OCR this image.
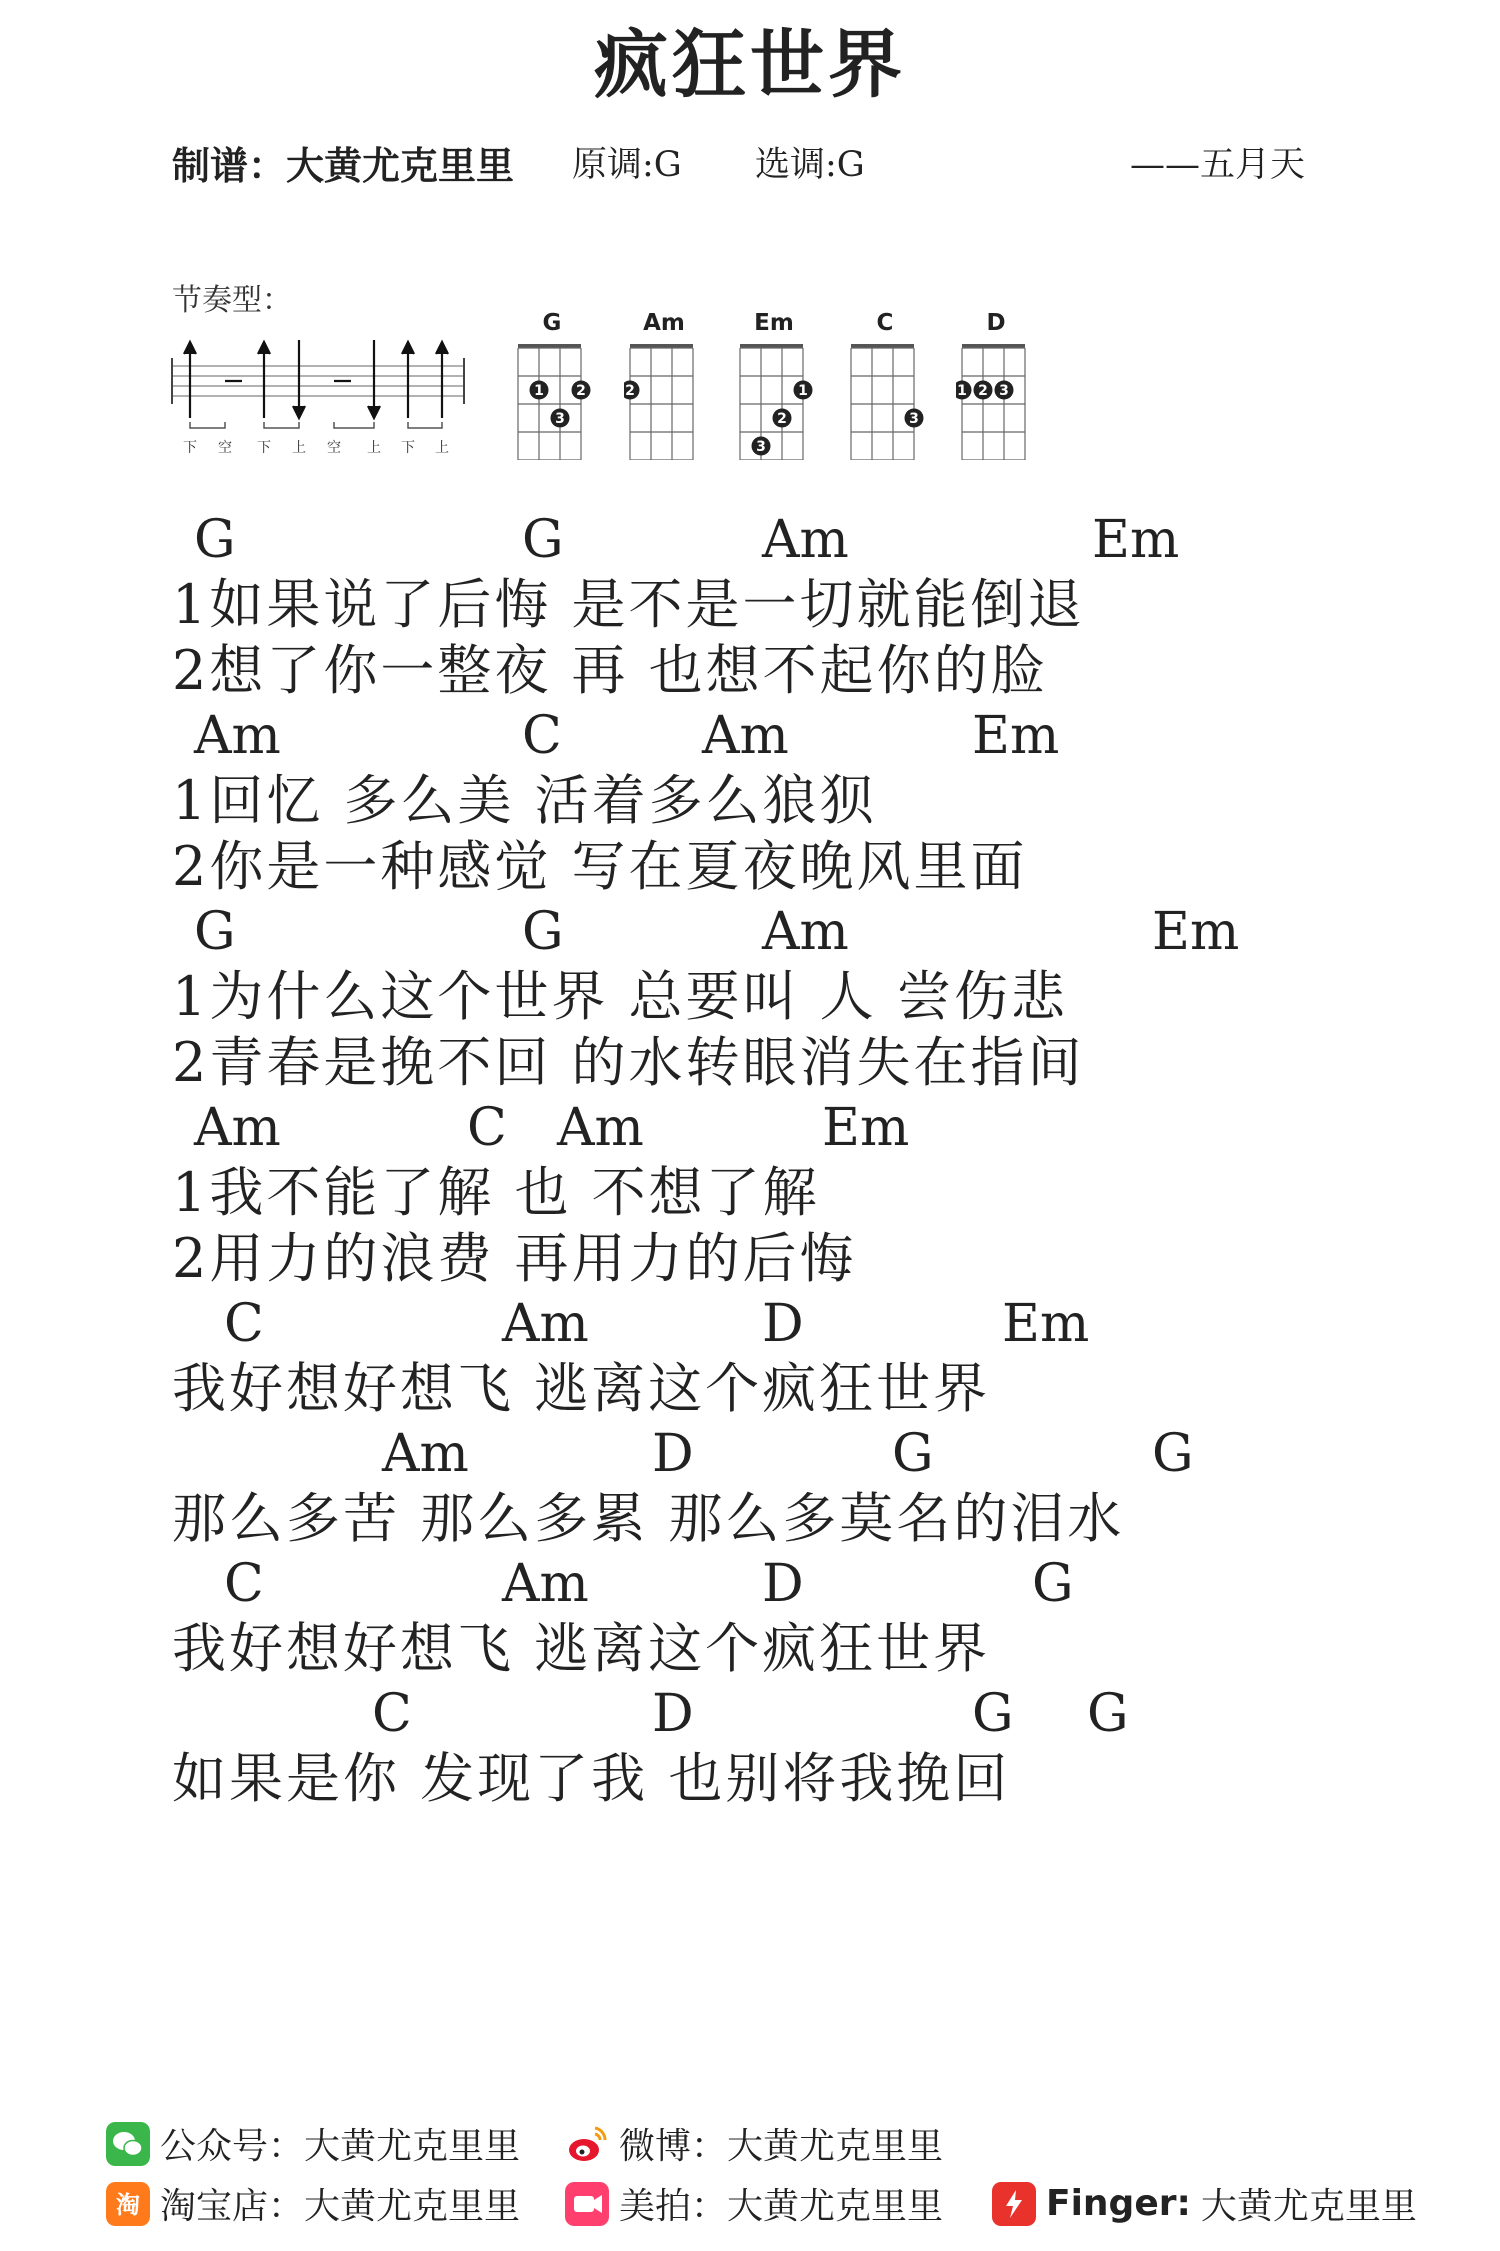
疯狂世界
制谱：大黄尤克里里 原调:G 选调:G	——五月天
节奏型：
下 空 下 上 空 上 下 上
G
1 2
3
Am
2
Em
1
2
3
C
3
D
1 2 3
G	G	Am	Em
1如果说了后悔 是不是一切就能倒退
2想了你一整夜 再 也想不起你的脸
Am	C	Am	Em
1回忆 多么美 活着多么狼狈
2你是一种感觉 写在夏夜晚风里面
G	G	Am	Em
1为什么这个世界 总要叫 人 尝伤悲
2青春是挽不回 的水转眼消失在指间
Am	C Am	Em
1我不能了解 也 不想了解
2用力的浪费 再用力的后悔
C	Am	D	Em
我好想好想飞 逃离这个疯狂世界
Am	D	G	G
那么多苦 那么多累 那么多莫名的泪水
C	Am	D	G
我好想好想飞 逃离这个疯狂世界
C	D	G G
如果是你 发现了我 也别将我挽回
公众号：大黄尤克里里	微博：大黄尤克里里
淘 淘宝店：大黄尤克里里	美拍：大黄尤克里里	Finger: 大黄尤克里里
